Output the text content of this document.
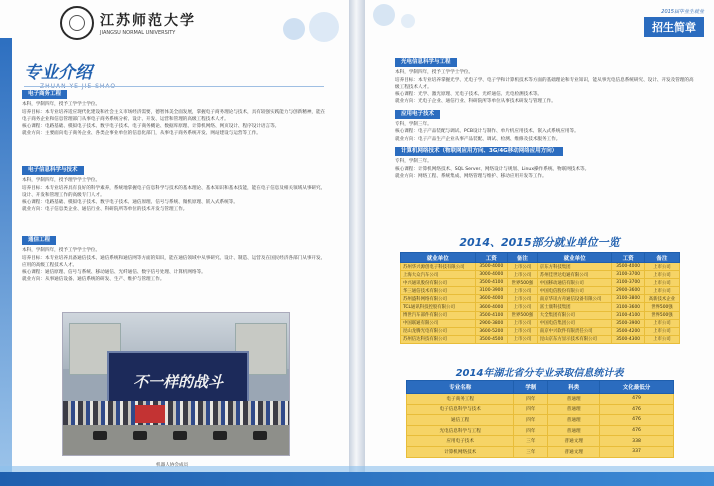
江苏师范大学
JIANGSU NORMAL UNIVERSITY
专业介绍
电子商务工程

本科，学制四年，授予工学学士学位。

培养目标：本专业培养适应现代化建设和社会主义市场经济需要，德智体美全面发展，掌握电子商务理论与技术，具有较强实践能力与创新精神，能在电子商务企业和信息管理部门从事电子商务系统分析、设计、开发、运营和管理的高级工程技术人才。

核心课程：电路基础、模拟电子技术、数字电子技术、电子商务概论、数据库原理、计算机网络、网页设计、程序设计语言等。

就业方向：主要面向电子商务企业、各类企事业单位的信息化部门，从事电子商务系统开发、网站建设与运营等工作。

电子信息科学与技术

本科，学制四年，授予理学学士学位。

培养目标：本专业培养具有良好的科学素养，系统地掌握电子信息科学与技术的基本理论、基本知识和基本技能，能在电子信息及相关领域从事研究、设计、开发和管理工作的高级专门人才。

核心课程：电路基础、模拟电子技术、数字电子技术、通信原理、信号与系统、微机原理、嵌入式系统等。

就业方向：电子信息类企业、通信行业、科研院所等单位的技术开发与管理工作。

通信工程

本科，学制四年，授予工学学士学位。

培养目标：本专业培养具备通信技术、通信系统和通信网等方面的知识，能在通信领域中从事研究、设计、制造、运营及在国民经济各部门从事开发、应用的高级工程技术人才。

核心课程：通信原理、信号与系统、移动通信、光纤通信、数字信号处理、计算机网络等。

就业方向：从事通信设备、通信系统的研发、生产、维护与管理工作。

不一样的战斗
2015届毕业生就业
招生简章
光电信息科学与工程

本科，学制四年，授予工学学士学位。

培养目标：本专业培养掌握光学、光电子学、电子学和计算机技术等方面的基础理论和专业知识，能从事光电信息系统研究、设计、开发及管理的高级工程技术人才。

核心课程：光学、激光原理、光电子技术、光纤通信、光电检测技术等。

就业方向：光电子企业、通信行业、科研院所等单位从事技术研发与管理工作。

应用电子技术

专科，学制三年。

核心课程：电子产品装配与调试、PCB设计与制作、单片机应用技术、嵌入式系统应用等。

就业方向：电子产品生产企业从事产品装配、调试、检测、维修及技术服务工作。

计算机网络技术（物联网应用方向、3G/4G移动网络应用方向）

专科，学制三年。

核心课程：计算机网络技术、SQL Server、网络设计与规划、Linux操作系统、物联网技术等。

就业方向：网络工程、系统集成、网络管理与维护、移动应用开发等工作。

2014、2015部分就业单位一览
就业单位	工资	备注	就业单位	工资	备注
苏州华兴源创电子科技有限公司	3500-4000	上市公司	京东方科技集团	3500-4000	上市公司
上海大众汽车公司	3000-4000	上市公司	苏州佳世达电通有限公司	3100-3700	上市公司
中兴通讯股份有限公司	3500-4100	世界500强	中国移动通信有限公司	3100-3700	上市公司
华三通信技术有限公司	3100-3900	上市公司	中国电信股份有限公司	2900-3600	上市公司
苏州盛科网络有限公司	3600-4000	上市公司	南京华讯方舟通信设备有限公司	3100-3800	高新技术企业
TCL通讯科技控股有限公司	3600-4000	上市公司	富士康科技集团	3100-3600	世界500强
博世汽车部件有限公司	3500-4100	世界500强	大全集团有限公司	3100-4100	世界500强
中国联通有限公司	2900-3800	上市公司	中国电信集团公司	3500-3900	上市公司
昆山龙腾光电有限公司	3600-5200	上市公司	南京中兴软件有限责任公司	3500-4200	上市公司
苏州信达科技有限公司	3500-4500	上市公司	昆山京东方显示技术有限公司	3500-4300	上市公司
2014年湖北省分专业录取信息统计表
专业名称	学制	科类	文化最低分
电子商务工程	四年	普通理	479
电子信息科学与技术	四年	普通理	476
通信工程	四年	普通理	476
光电信息科学与工程	四年	普通理	476
应用电子技术	三年	普通文理	338
计算机网络技术	三年	普通文理	337
